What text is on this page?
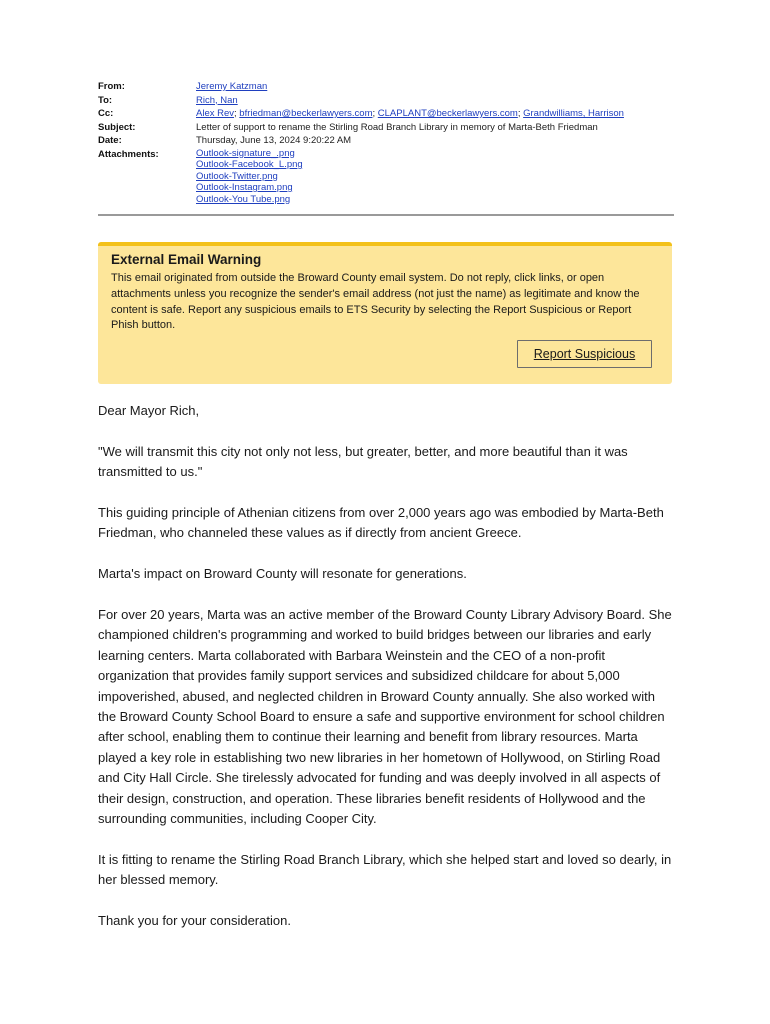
From:	Jeremy Katzman
To:	Rich, Nan
Cc:	Alex Rev; bfriedman@beckerlawyers.com; CLAPLANT@beckerlawyers.com; Grandwilliams, Harrison
Subject:	Letter of support to rename the Stirling Road Branch Library in memory of Marta-Beth Friedman
Date:	Thursday, June 13, 2024 9:20:22 AM
Attachments:	Outlook-signature_.png
Outlook-Facebook_L.png
Outlook-Twitter.png
Outlook-Instagram.png
Outlook-You Tube.png
External Email Warning
This email originated from outside the Broward County email system. Do not reply, click links, or open attachments unless you recognize the sender's email address (not just the name) as legitimate and know the content is safe. Report any suspicious emails to ETS Security by selecting the Report Suspicious or Report Phish button.
Report Suspicious

Dear Mayor Rich,

"We will transmit this city not only not less, but greater, better, and more beautiful than it was transmitted to us."

This guiding principle of Athenian citizens from over 2,000 years ago was embodied by Marta-Beth Friedman, who channeled these values as if directly from ancient Greece.

Marta's impact on Broward County will resonate for generations.

For over 20 years, Marta was an active member of the Broward County Library Advisory Board. She championed children's programming and worked to build bridges between our libraries and early learning centers. Marta collaborated with Barbara Weinstein and the CEO of a non-profit organization that provides family support services and subsidized childcare for about 5,000 impoverished, abused, and neglected children in Broward County annually. She also worked with the Broward County School Board to ensure a safe and supportive environment for school children after school, enabling them to continue their learning and benefit from library resources. Marta played a key role in establishing two new libraries in her hometown of Hollywood, on Stirling Road and City Hall Circle. She tirelessly advocated for funding and was deeply involved in all aspects of their design, construction, and operation. These libraries benefit residents of Hollywood and the surrounding communities, including Cooper City.

It is fitting to rename the Stirling Road Branch Library, which she helped start and loved so dearly, in her blessed memory.

Thank you for your consideration.
